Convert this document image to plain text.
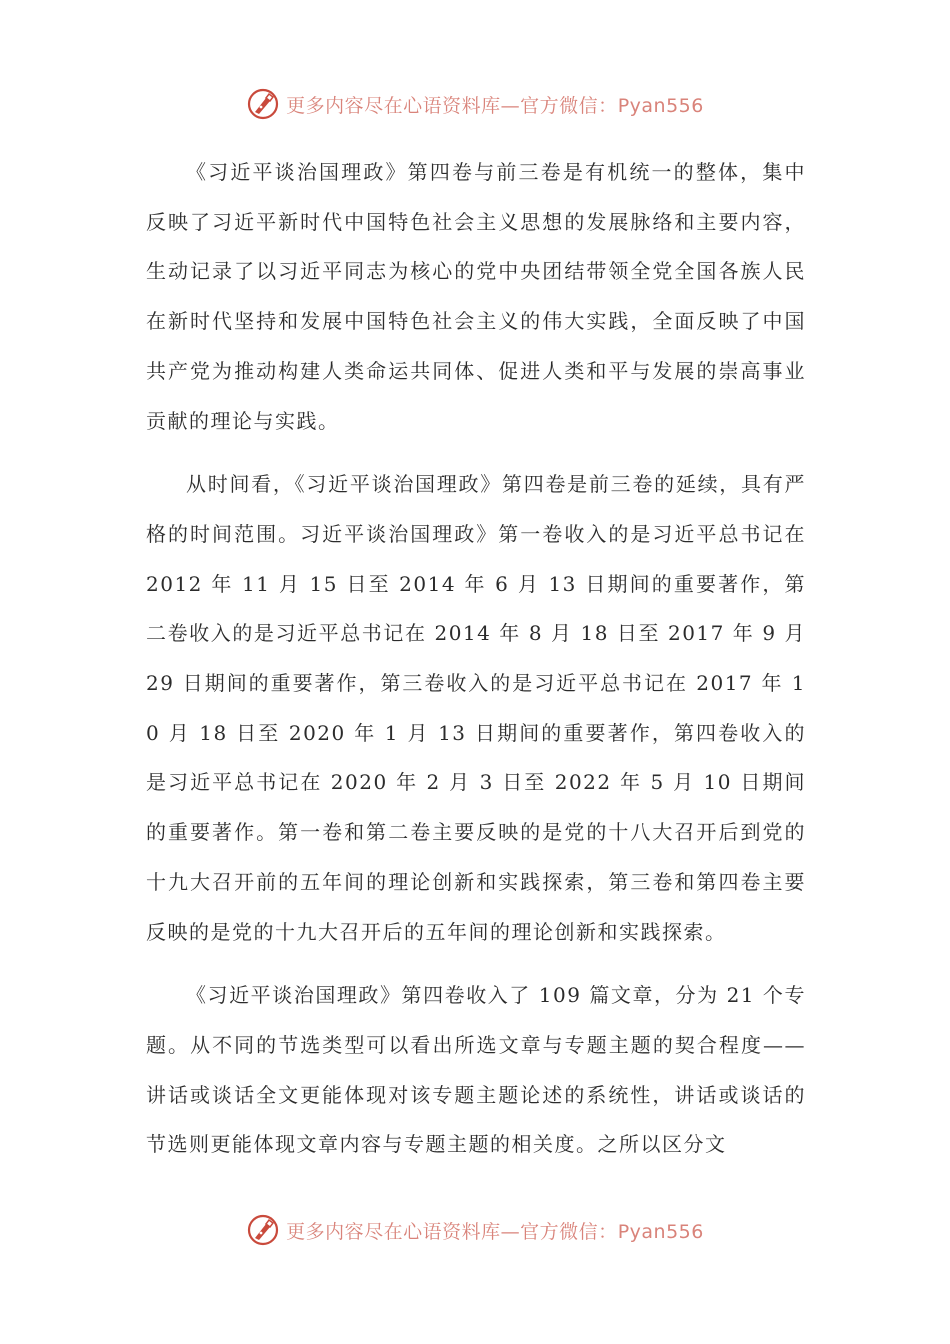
更多内容尽在心语资料库—官方微信：Pyan556

《习近平谈治国理政》第四卷与前三卷是有机统一的整体，集中反映了习近平新时代中国特色社会主义思想的发展脉络和主要内容，生动记录了以习近平同志为核心的党中央团结带领全党全国各族人民在新时代坚持和发展中国特色社会主义的伟大实践，全面反映了中国共产党为推动构建人类命运共同体、促进人类和平与发展的崇高事业贡献的理论与实践。

从时间看，《习近平谈治国理政》第四卷是前三卷的延续，具有严格的时间范围。习近平谈治国理政》第一卷收入的是习近平总书记在 2012 年 11 月 15 日至 2014 年 6 月 13 日期间的重要著作，第二卷收入的是习近平总书记在 2014 年 8 月 18 日至 2017 年 9 月 29 日期间的重要著作，第三卷收入的是习近平总书记在 2017 年 10 月 18 日至 2020 年 1 月 13 日期间的重要著作，第四卷收入的是习近平总书记在 2020 年 2 月 3 日至 2022 年 5 月 10 日期间的重要著作。第一卷和第二卷主要反映的是党的十八大召开后到党的十九大召开前的五年间的理论创新和实践探索，第三卷和第四卷主要反映的是党的十九大召开后的五年间的理论创新和实践探索。

《习近平谈治国理政》第四卷收入了 109 篇文章，分为 21 个专题。从不同的节选类型可以看出所选文章与专题主题的契合程度——讲话或谈话全文更能体现对该专题主题论述的系统性，讲话或谈话的节选则更能体现文章内容与专题主题的相关度。之所以区分文

更多内容尽在心语资料库—官方微信：Pyan556
